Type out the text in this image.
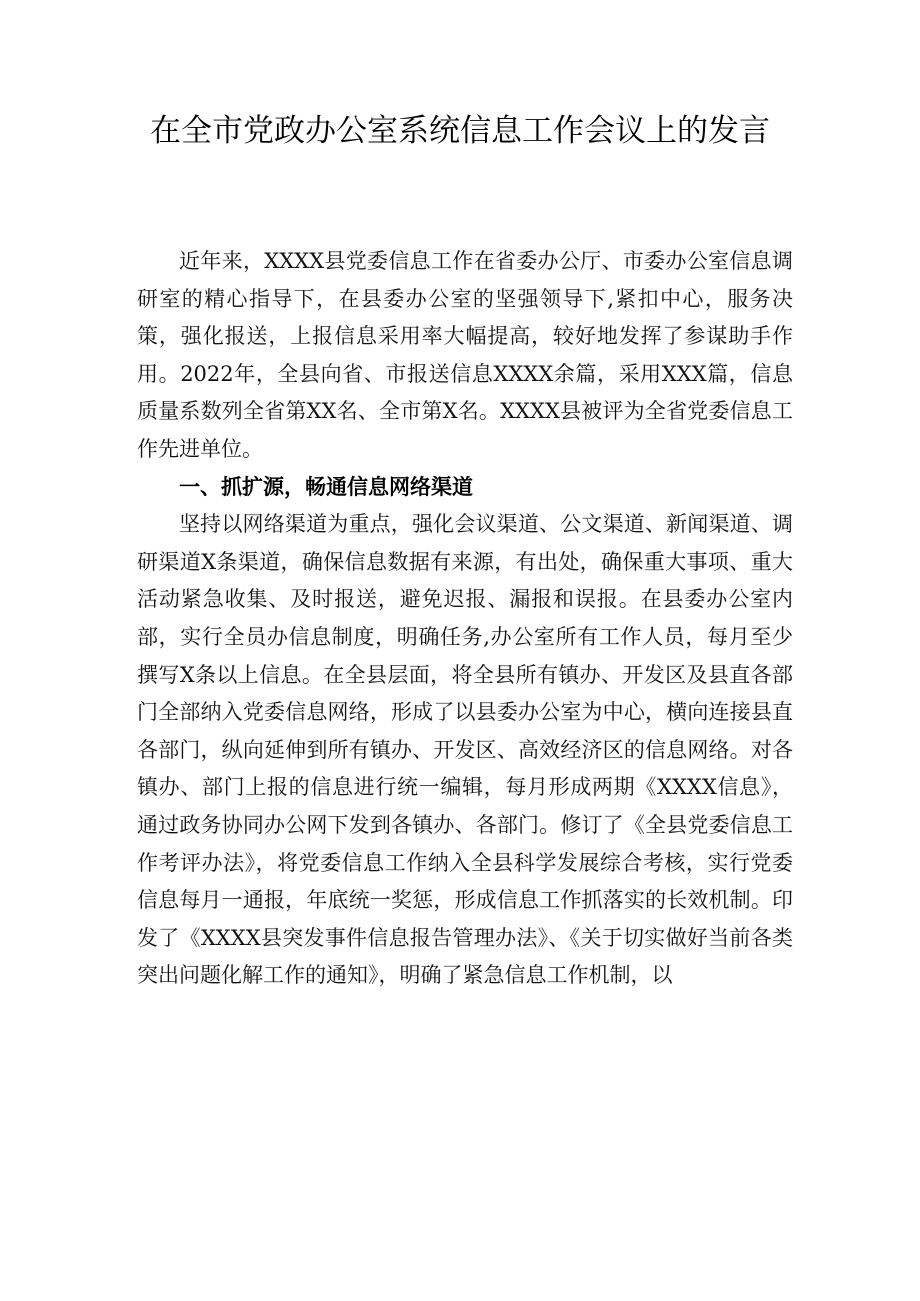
在全市党政办公室系统信息工作会议上的发言

近年来，XXXX县党委信息工作在省委办公厅、市委办公室信息调研室的精心指导下，在县委办公室的坚强领导下,紧扣中心，服务决策，强化报送，上报信息采用率大幅提高，较好地发挥了参谋助手作用。2022年，全县向省、市报送信息XXXX余篇，采用XXX篇，信息质量系数列全省第XX名、全市第X名。XXXX县被评为全省党委信息工作先进单位。

一、抓扩源，畅通信息网络渠道

坚持以网络渠道为重点，强化会议渠道、公文渠道、新闻渠道、调研渠道X条渠道，确保信息数据有来源，有出处，确保重大事项、重大活动紧急收集、及时报送，避免迟报、漏报和误报。在县委办公室内部，实行全员办信息制度，明确任务,办公室所有工作人员，每月至少撰写X条以上信息。在全县层面，将全县所有镇办、开发区及县直各部门全部纳入党委信息网络，形成了以县委办公室为中心，横向连接县直各部门，纵向延伸到所有镇办、开发区、高效经济区的信息网络。对各镇办、部门上报的信息进行统一编辑，每月形成两期《XXXX信息》，通过政务协同办公网下发到各镇办、各部门。修订了《全县党委信息工作考评办法》，将党委信息工作纳入全县科学发展综合考核，实行党委信息每月一通报，年底统一奖惩，形成信息工作抓落实的长效机制。印发了《XXXX县突发事件信息报告管理办法》、《关于切实做好当前各类突出问题化解工作的通知》，明确了紧急信息工作机制，以
